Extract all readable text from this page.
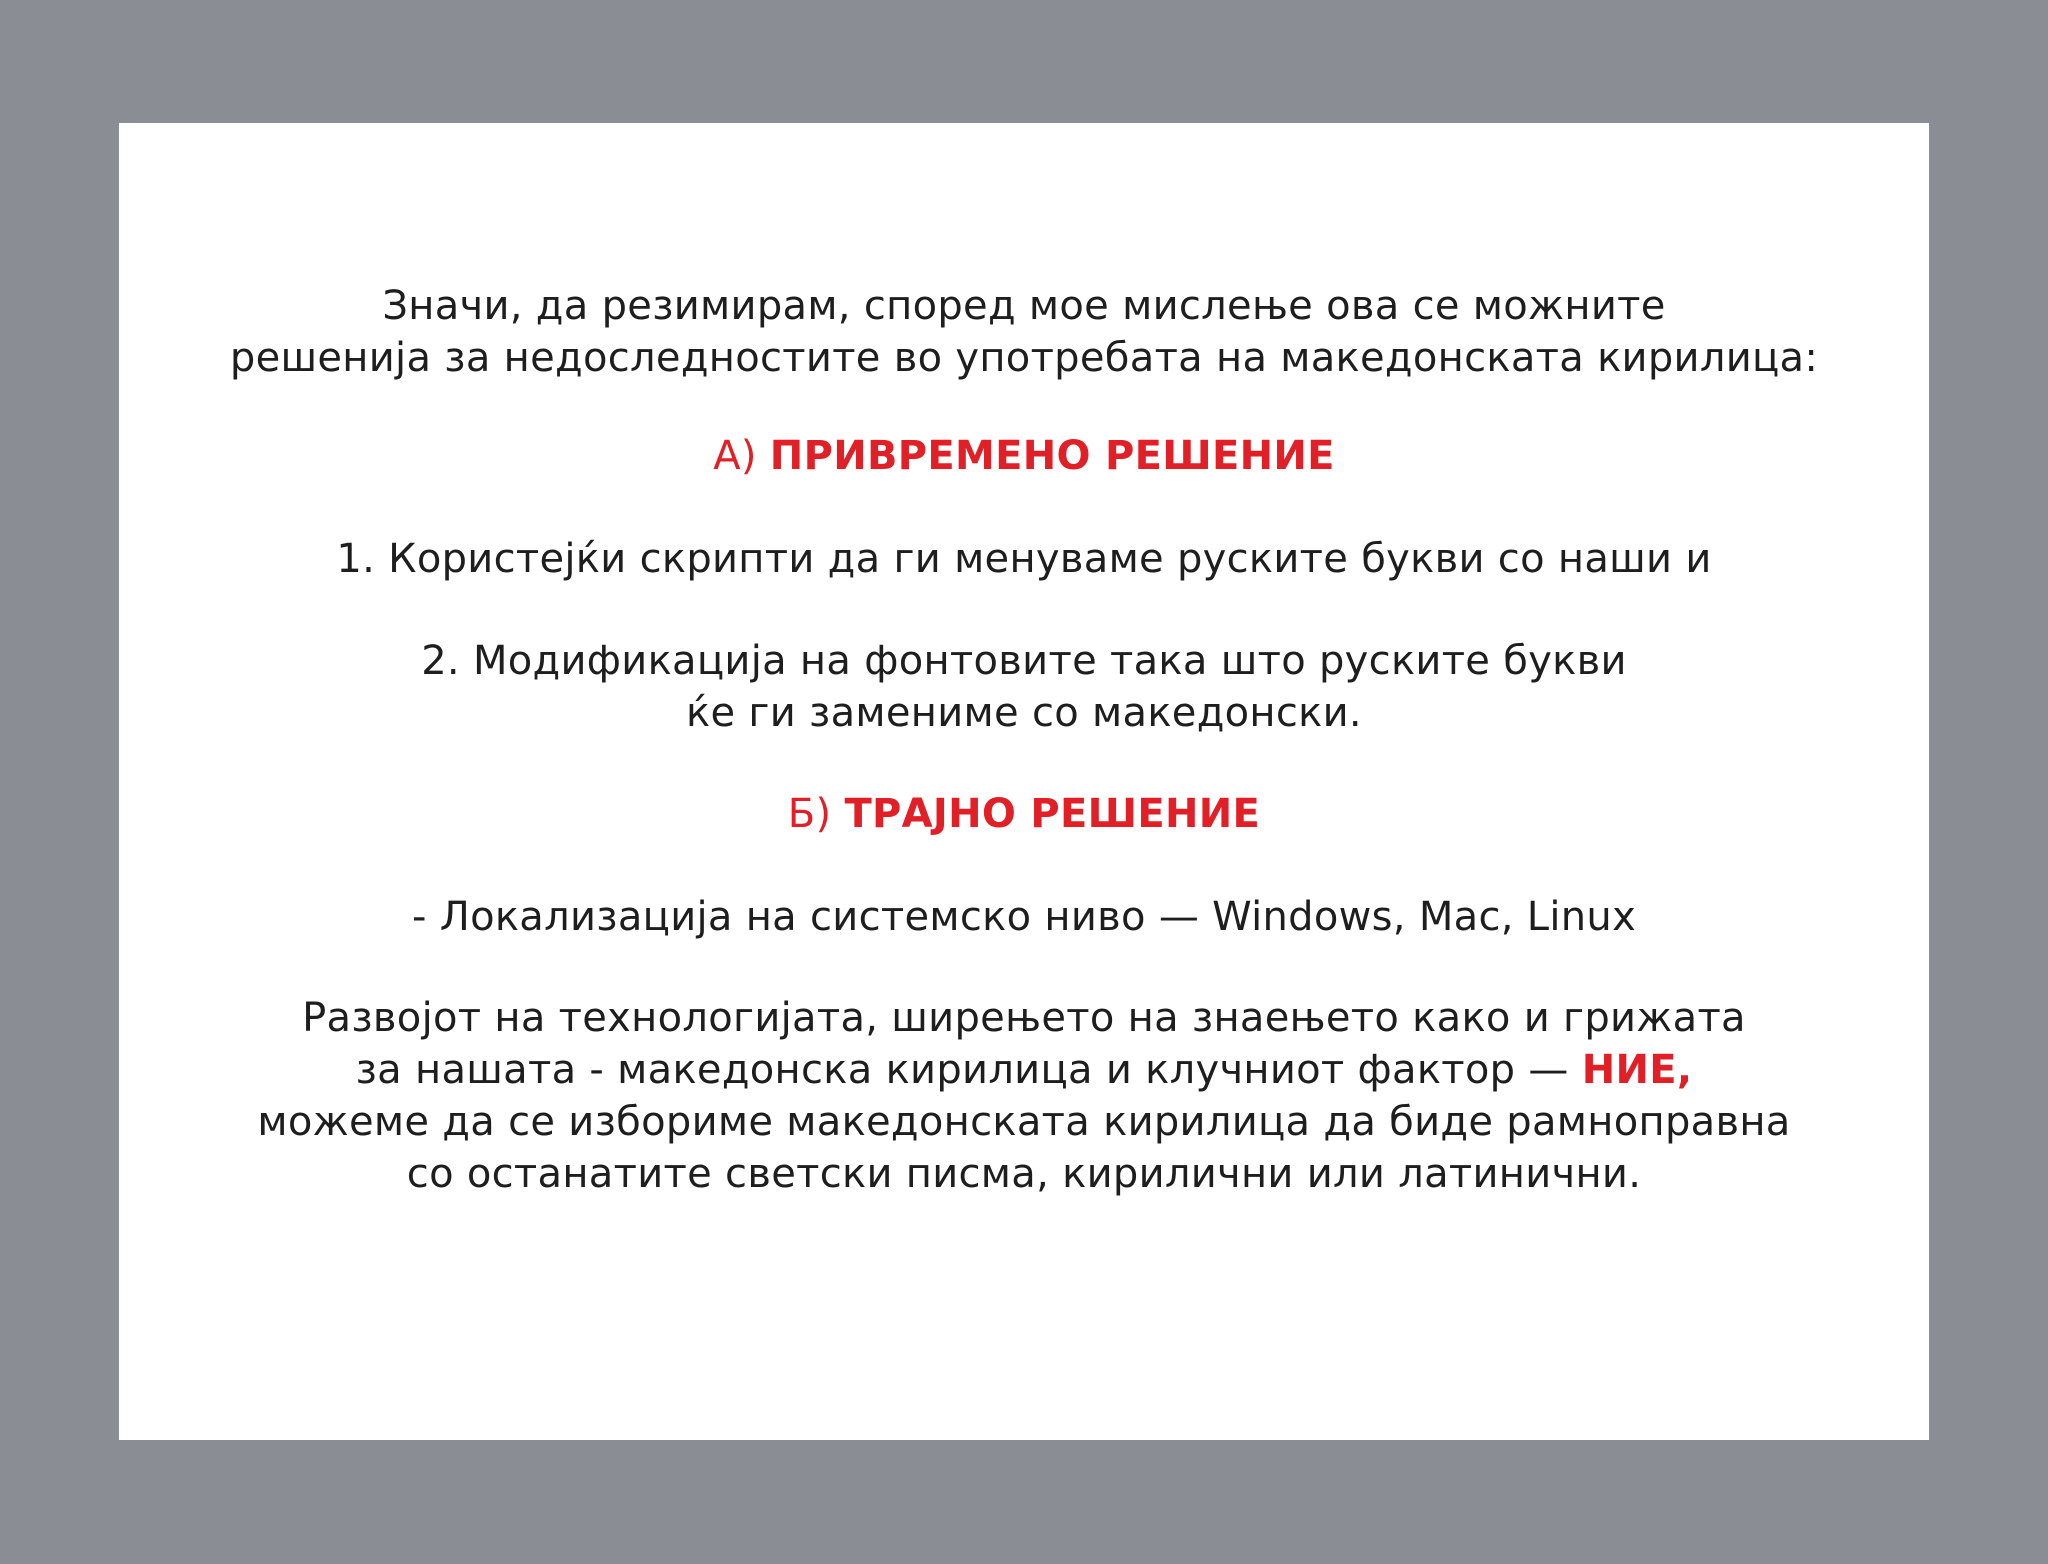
Значи, да резимирам, според мое мислење ова се можните
решенија за недоследностите во употребата на македонската кирилица:
А) ПРИВРЕМЕНО РЕШЕНИЕ
1. Користејќи скрипти да ги менуваме руските букви со наши и
2. Модификација на фонтовите така што руските букви
ќе ги замениме со македонски.
Б) ТРАЈНО РЕШЕНИЕ
- Локализација на системско ниво — Windows, Mac, Linux
Развојот на технологијата, ширењето на знаењето како и грижата
за нашата - македонска кирилица и клучниот фактор — НИЕ,
можеме да се избориме македонската кирилица да биде рамноправна
со останатите светски писма, кирилични или латинични.
